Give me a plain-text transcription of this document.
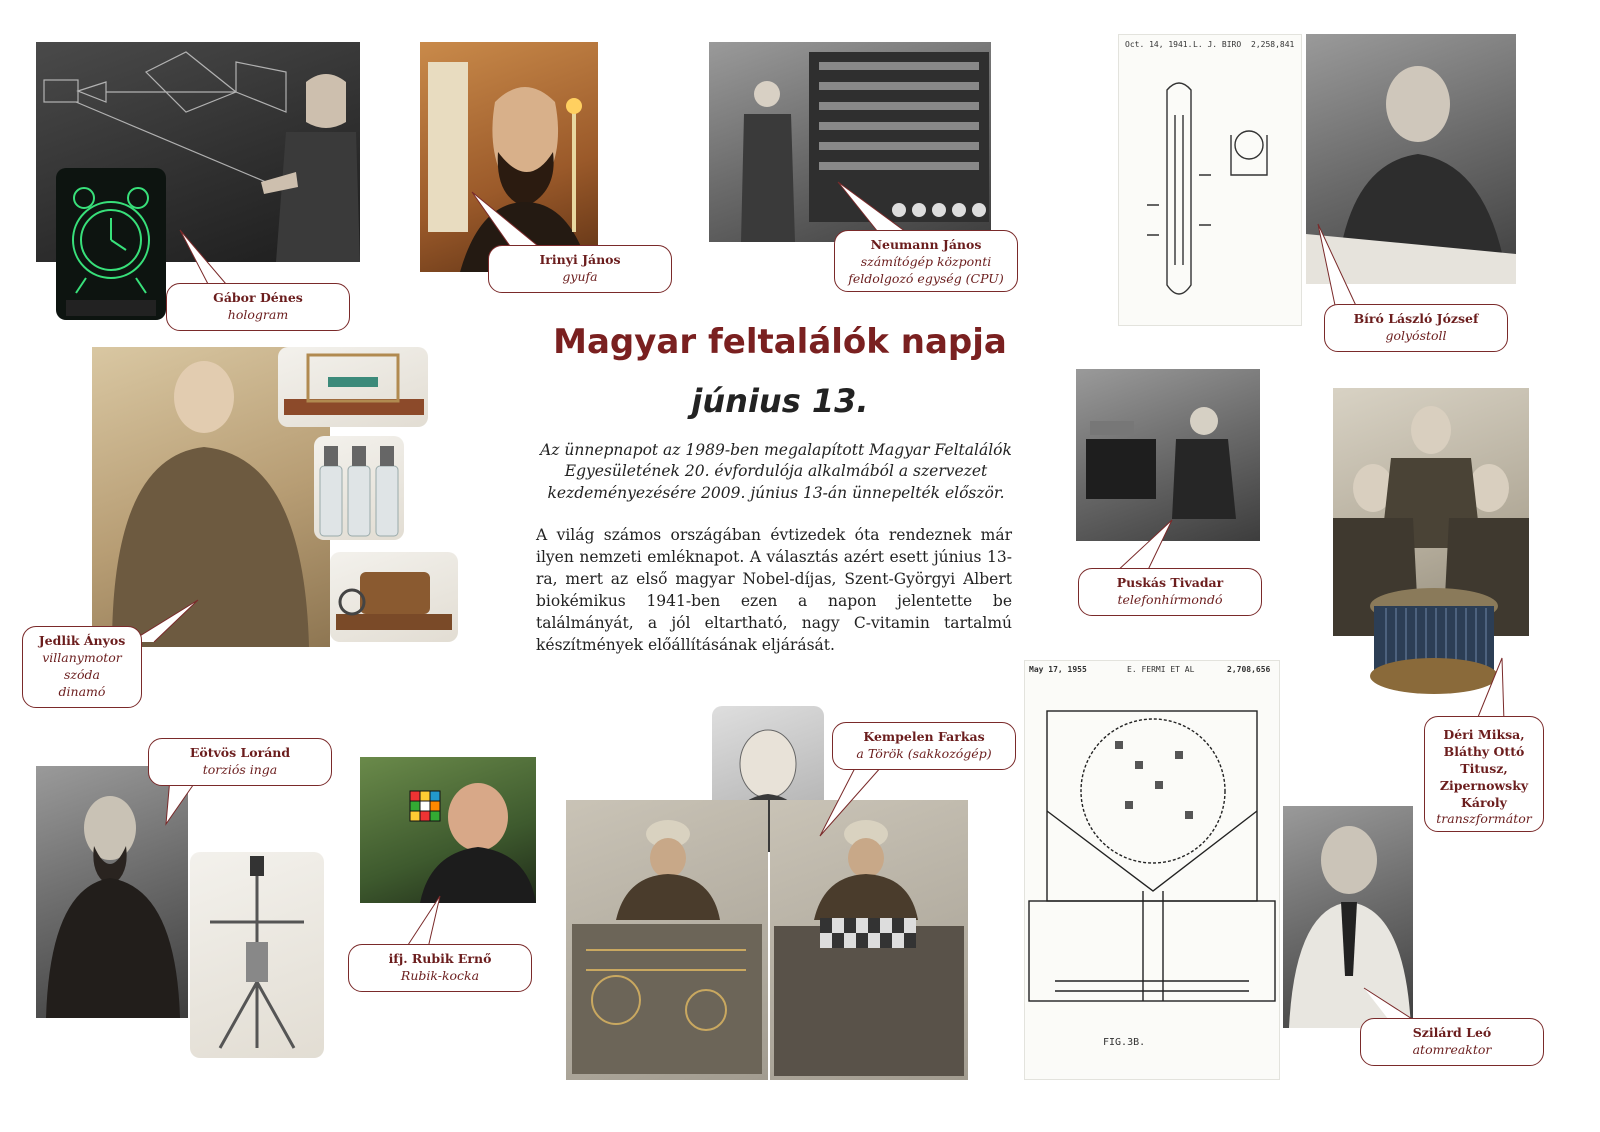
Oct. 14, 1941. L. J. BIRO 2,258,841
May 17, 1955	E. FERMI ET AL	2,708,656
FIG.3B.
Magyar feltalálók napja
június 13.
Az ünnepnapot az 1989-ben megalapított Magyar Feltalálók Egyesületének 20. évfordulója alkalmából a szervezet kezdeményezésére 2009. június 13-án ünnepelték először.
A világ számos országában évtizedek óta rendeznek már ilyen nemzeti emléknapot. A választás azért esett június 13-ra, mert az első magyar Nobel-díjas, Szent-Györgyi Albert biokémikus 1941-ben ezen a napon jelentette be találmányát, a jól eltartható, nagy C-vitamin tartalmú készítmények előállításának eljárását.
Gábor Dénes
hologram
Irinyi János
gyufa
Neumann János
számítógép központi feldolgozó egység (CPU)
Bíró László József
golyóstoll
Jedlik Ányos
villanymotor
szóda
dinamó
Puskás Tivadar
telefonhírmondó
Déri Miksa, Bláthy Ottó Titusz, Zipernowsky Károly
transzformátor
Eötvös Loránd
torziós inga
ifj. Rubik Ernő
Rubik-kocka
Kempelen Farkas
a Török (sakkozógép)
Szilárd Leó
atomreaktor
